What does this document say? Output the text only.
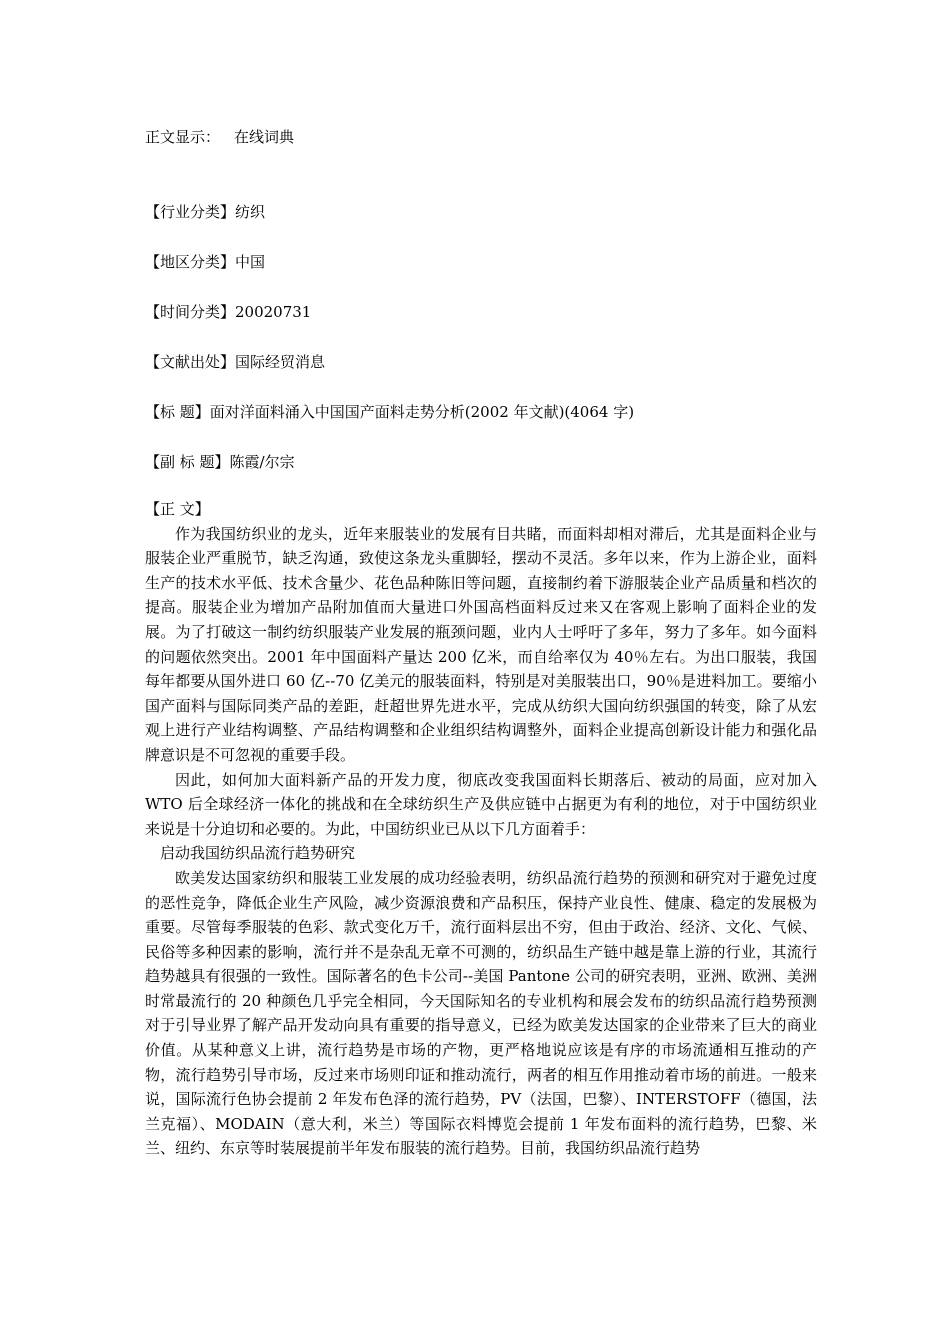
正文显示： 在线词典
【行业分类】纺织
【地区分类】中国
【时间分类】20020731
【文献出处】国际经贸消息
【标 题】面对洋面料涌入中国国产面料走势分析(2002 年文献)(4064 字)
【副 标 题】陈霞/尔宗
【正 文】

作为我国纺织业的龙头，近年来服装业的发展有目共睹，而面料却相对滞后，尤其是面料企业与服装企业严重脱节，缺乏沟通，致使这条龙头重脚轻，摆动不灵活。多年以来，作为上游企业，面料生产的技术水平低、技术含量少、花色品种陈旧等问题，直接制约着下游服装企业产品质量和档次的提高。服装企业为增加产品附加值而大量进口外国高档面料反过来又在客观上影响了面料企业的发展。为了打破这一制约纺织服装产业发展的瓶颈问题，业内人士呼吁了多年，努力了多年。如今面料的问题依然突出。2001 年中国面料产量达 200 亿米，而自给率仅为 40％左右。为出口服装，我国每年都要从国外进口 60 亿--70 亿美元的服装面料，特别是对美服装出口，90％是进料加工。要缩小国产面料与国际同类产品的差距，赶超世界先进水平，完成从纺织大国向纺织强国的转变，除了从宏观上进行产业结构调整、产品结构调整和企业组织结构调整外，面料企业提高创新设计能力和强化品牌意识是不可忽视的重要手段。

因此，如何加大面料新产品的开发力度，彻底改变我国面料长期落后、被动的局面，应对加入 WTO 后全球经济一体化的挑战和在全球纺织生产及供应链中占据更为有利的地位，对于中国纺织业来说是十分迫切和必要的。为此，中国纺织业已从以下几方面着手：

启动我国纺织品流行趋势研究

欧美发达国家纺织和服装工业发展的成功经验表明，纺织品流行趋势的预测和研究对于避免过度的恶性竞争，降低企业生产风险，减少资源浪费和产品积压，保持产业良性、健康、稳定的发展极为重要。尽管每季服装的色彩、款式变化万千，流行面料层出不穷，但由于政治、经济、文化、气候、民俗等多种因素的影响，流行并不是杂乱无章不可测的，纺织品生产链中越是靠上游的行业，其流行趋势越具有很强的一致性。国际著名的色卡公司--美国 Pantone 公司的研究表明，亚洲、欧洲、美洲时常最流行的 20 种颜色几乎完全相同，今天国际知名的专业机构和展会发布的纺织品流行趋势预测对于引导业界了解产品开发动向具有重要的指导意义，已经为欧美发达国家的企业带来了巨大的商业价值。从某种意义上讲，流行趋势是市场的产物，更严格地说应该是有序的市场流通相互推动的产物，流行趋势引导市场，反过来市场则印证和推动流行，两者的相互作用推动着市场的前进。一般来说，国际流行色协会提前 2 年发布色泽的流行趋势，PV（法国，巴黎）、INTERSTOFF（德国，法兰克福）、MODAIN（意大利，米兰）等国际衣料博览会提前 1 年发布面料的流行趋势，巴黎、米兰、纽约、东京等时装展提前半年发布服装的流行趋势。目前，我国纺织品流行趋势
